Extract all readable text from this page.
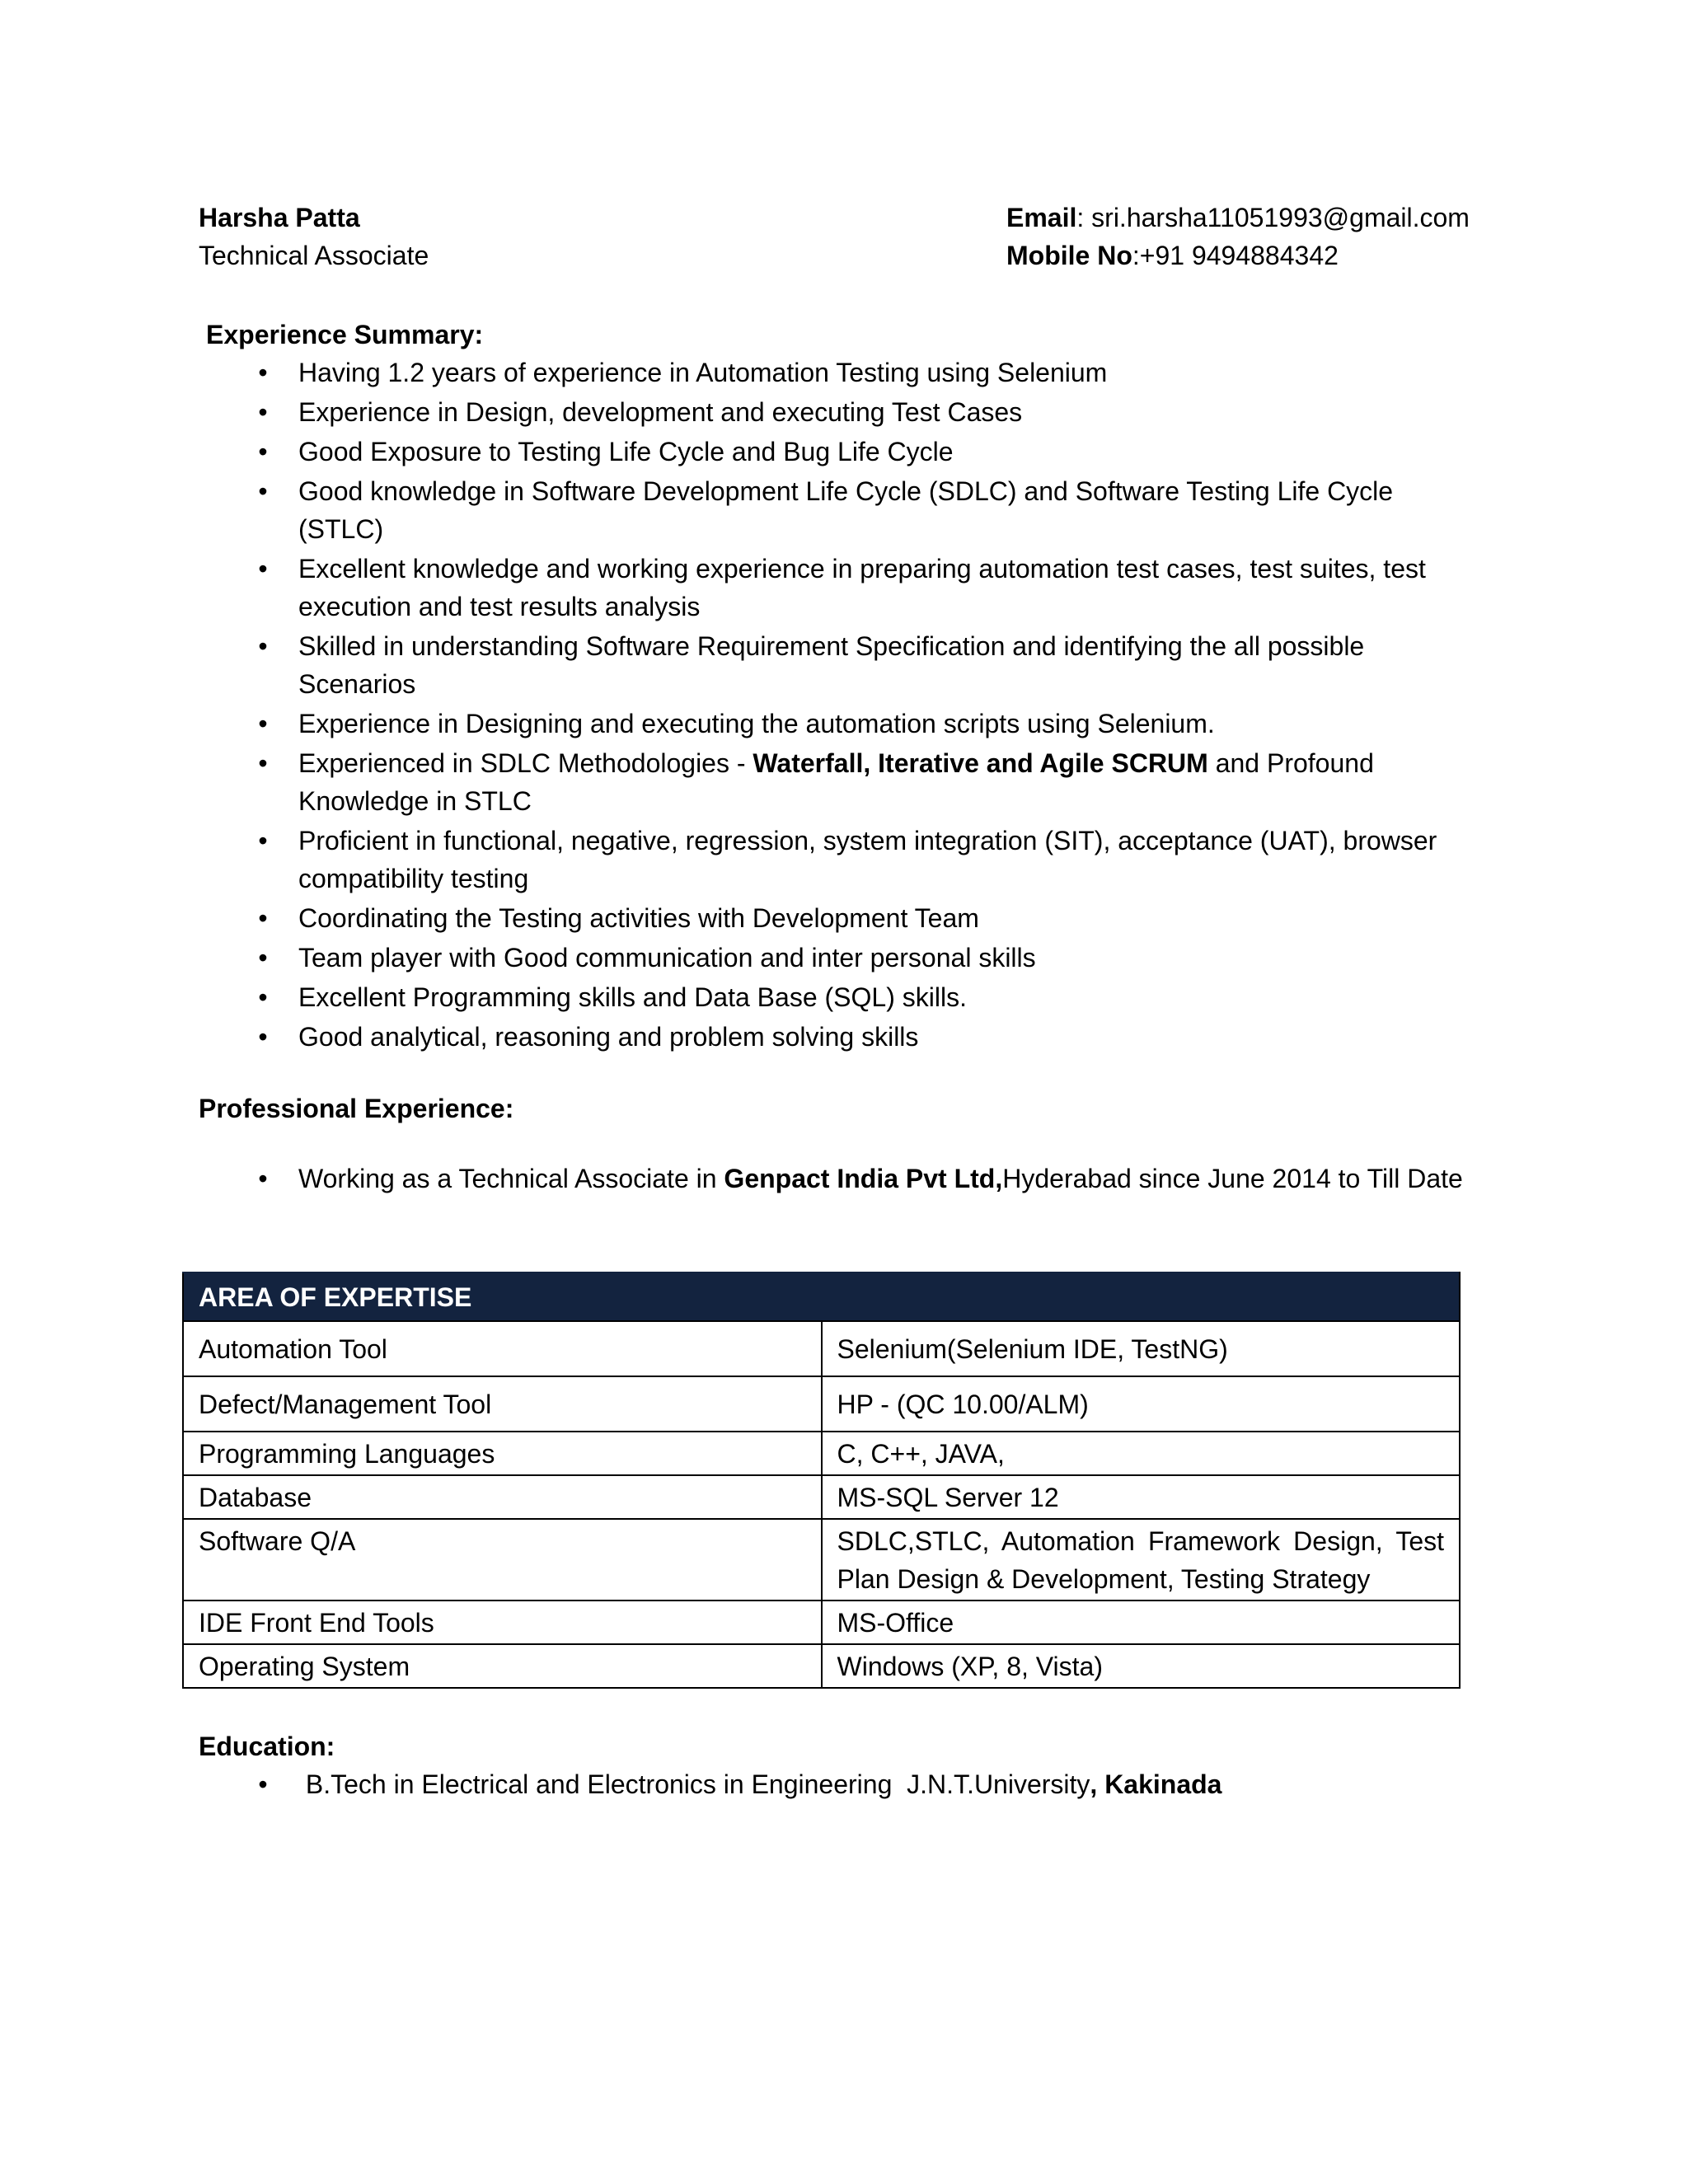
Harsha Patta
Technical Associate
Email: sri.harsha11051993@gmail.com
Mobile No:+91 9494884342
Experience Summary:
• Having 1.2 years of experience in Automation Testing using Selenium
• Experience in Design, development and executing Test Cases
• Good Exposure to Testing Life Cycle and Bug Life Cycle
• Good knowledge in Software Development Life Cycle (SDLC) and Software Testing Life Cycle (STLC)
• Excellent knowledge and working experience in preparing automation test cases, test suites, test execution and test results analysis
• Skilled in understanding Software Requirement Specification and identifying the all possible Scenarios
• Experience in Designing and executing the automation scripts using Selenium.
• Experienced in SDLC Methodologies - Waterfall, Iterative and Agile SCRUM and Profound Knowledge in STLC
• Proficient in functional, negative, regression, system integration (SIT), acceptance (UAT), browser compatibility testing
• Coordinating the Testing activities with Development Team
• Team player with Good communication and inter personal skills
• Excellent Programming skills and Data Base (SQL) skills.
• Good analytical, reasoning and problem solving skills
Professional Experience:
• Working as a Technical Associate in Genpact India Pvt Ltd,Hyderabad since June 2014 to Till Date
AREA OF EXPERTISE	
Automation Tool	Selenium(Selenium IDE, TestNG)
Defect/Management Tool	HP - (QC 10.00/ALM)
Programming Languages	C, C++, JAVA,
Database	MS-SQL Server 12
Software Q/A	SDLC,STLC, Automation Framework Design, Test Plan Design & Development, Testing Strategy
IDE Front End Tools	MS-Office
Operating System	Windows (XP, 8, Vista)
Education:
• B.Tech in Electrical and Electronics in Engineering  J.N.T.University, Kakinada
